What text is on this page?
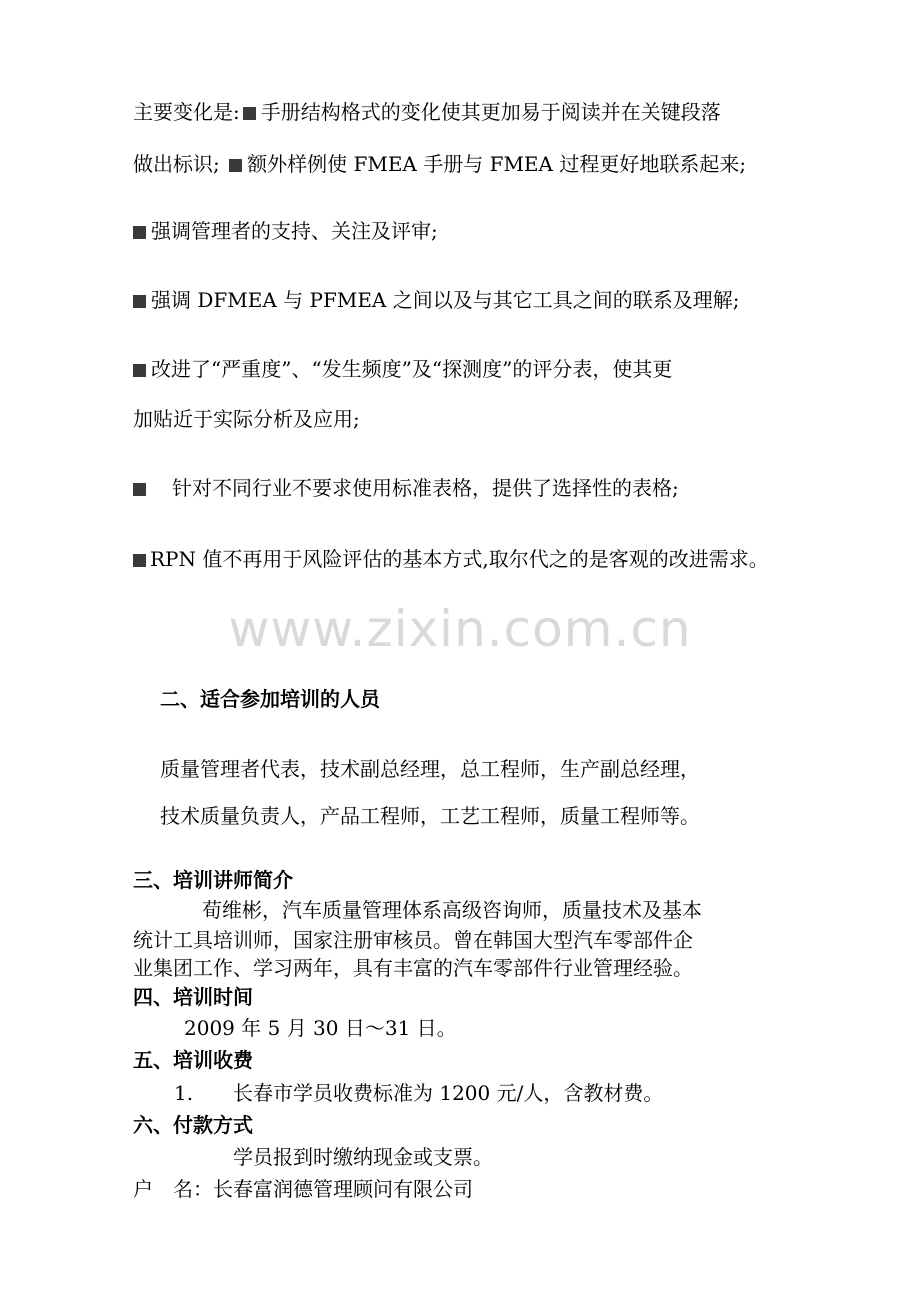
主要变化是: 手册结构格式的变化使其更加易于阅读并在关键段落
做出标识; 额外样例使 FMEA 手册与 FMEA 过程更好地联系起来;
强调管理者的支持、关注及评审;
强调 DFMEA 与 PFMEA 之间以及与其它工具之间的联系及理解;
改进了“严重度”、“发生频度”及“探测度”的评分表，使其更
加贴近于实际分析及应用;
针对不同行业不要求使用标准表格，提供了选择性的表格;
RPN 值不再用于风险评估的基本方式,取尔代之的是客观的改进需求。
www.zixin.com.cn
二、适合参加培训的人员
质量管理者代表，技术副总经理，总工程师，生产副总经理，
技术质量负责人，产品工程师，工艺工程师，质量工程师等。
三、培训讲师简介
荀维彬，汽车质量管理体系高级咨询师，质量技术及基本
统计工具培训师，国家注册审核员。曾在韩国大型汽车零部件企
业集团工作、学习两年，具有丰富的汽车零部件行业管理经验。
四、培训时间
2009 年 5 月 30 日～31 日。
五、培训收费
1. 长春市学员收费标准为 1200 元/人，含教材费。
六、付款方式
学员报到时缴纳现金或支票。
户　名：长春富润德管理顾问有限公司
